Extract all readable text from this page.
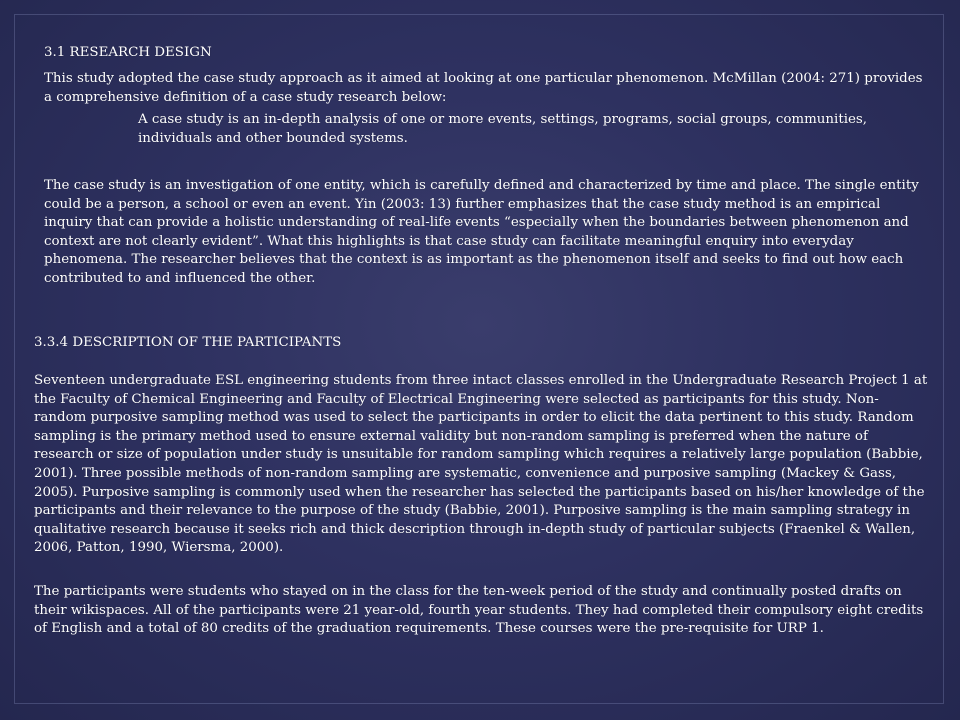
3.1 RESEARCH DESIGN

This study adopted the case study approach as it aimed at looking at one particular phenomenon. McMillan (2004: 271) provides a comprehensive definition of a case study research below:

A case study is an in-depth analysis of one or more events, settings, programs, social groups, communities, individuals and other bounded systems.

The case study is an investigation of one entity, which is carefully defined and characterized by time and place. The single entity could be a person, a school or even an event. Yin (2003: 13) further emphasizes that the case study method is an empirical inquiry that can provide a holistic understanding of real-life events “especially when the boundaries between phenomenon and context are not clearly evident”. What this highlights is that case study can facilitate meaningful enquiry into everyday phenomena. The researcher believes that the context is as important as the phenomenon itself and seeks to find out how each contributed to and influenced the other.

3.3.4 DESCRIPTION OF THE PARTICIPANTS

Seventeen undergraduate ESL engineering students from three intact classes enrolled in the Undergraduate Research Project 1 at the Faculty of Chemical Engineering and Faculty of Electrical Engineering were selected as participants for this study. Non-random purposive sampling method was used to select the participants in order to elicit the data pertinent to this study. Random sampling is the primary method used to ensure external validity but non-random sampling is preferred when the nature of research or size of population under study is unsuitable for random sampling which requires a relatively large population (Babbie, 2001). Three possible methods of non-random sampling are systematic, convenience and purposive sampling (Mackey & Gass, 2005). Purposive sampling is commonly used when the researcher has selected the participants based on his/her knowledge of the participants and their relevance to the purpose of the study (Babbie, 2001). Purposive sampling is the main sampling strategy in qualitative research because it seeks rich and thick description through in-depth study of particular subjects (Fraenkel & Wallen, 2006, Patton, 1990, Wiersma, 2000).

The participants were students who stayed on in the class for the ten-week period of the study and continually posted drafts on their wikispaces. All of the participants were 21 year-old, fourth year students. They had completed their compulsory eight credits of English and a total of 80 credits of the graduation requirements. These courses were the pre-requisite for URP 1.
